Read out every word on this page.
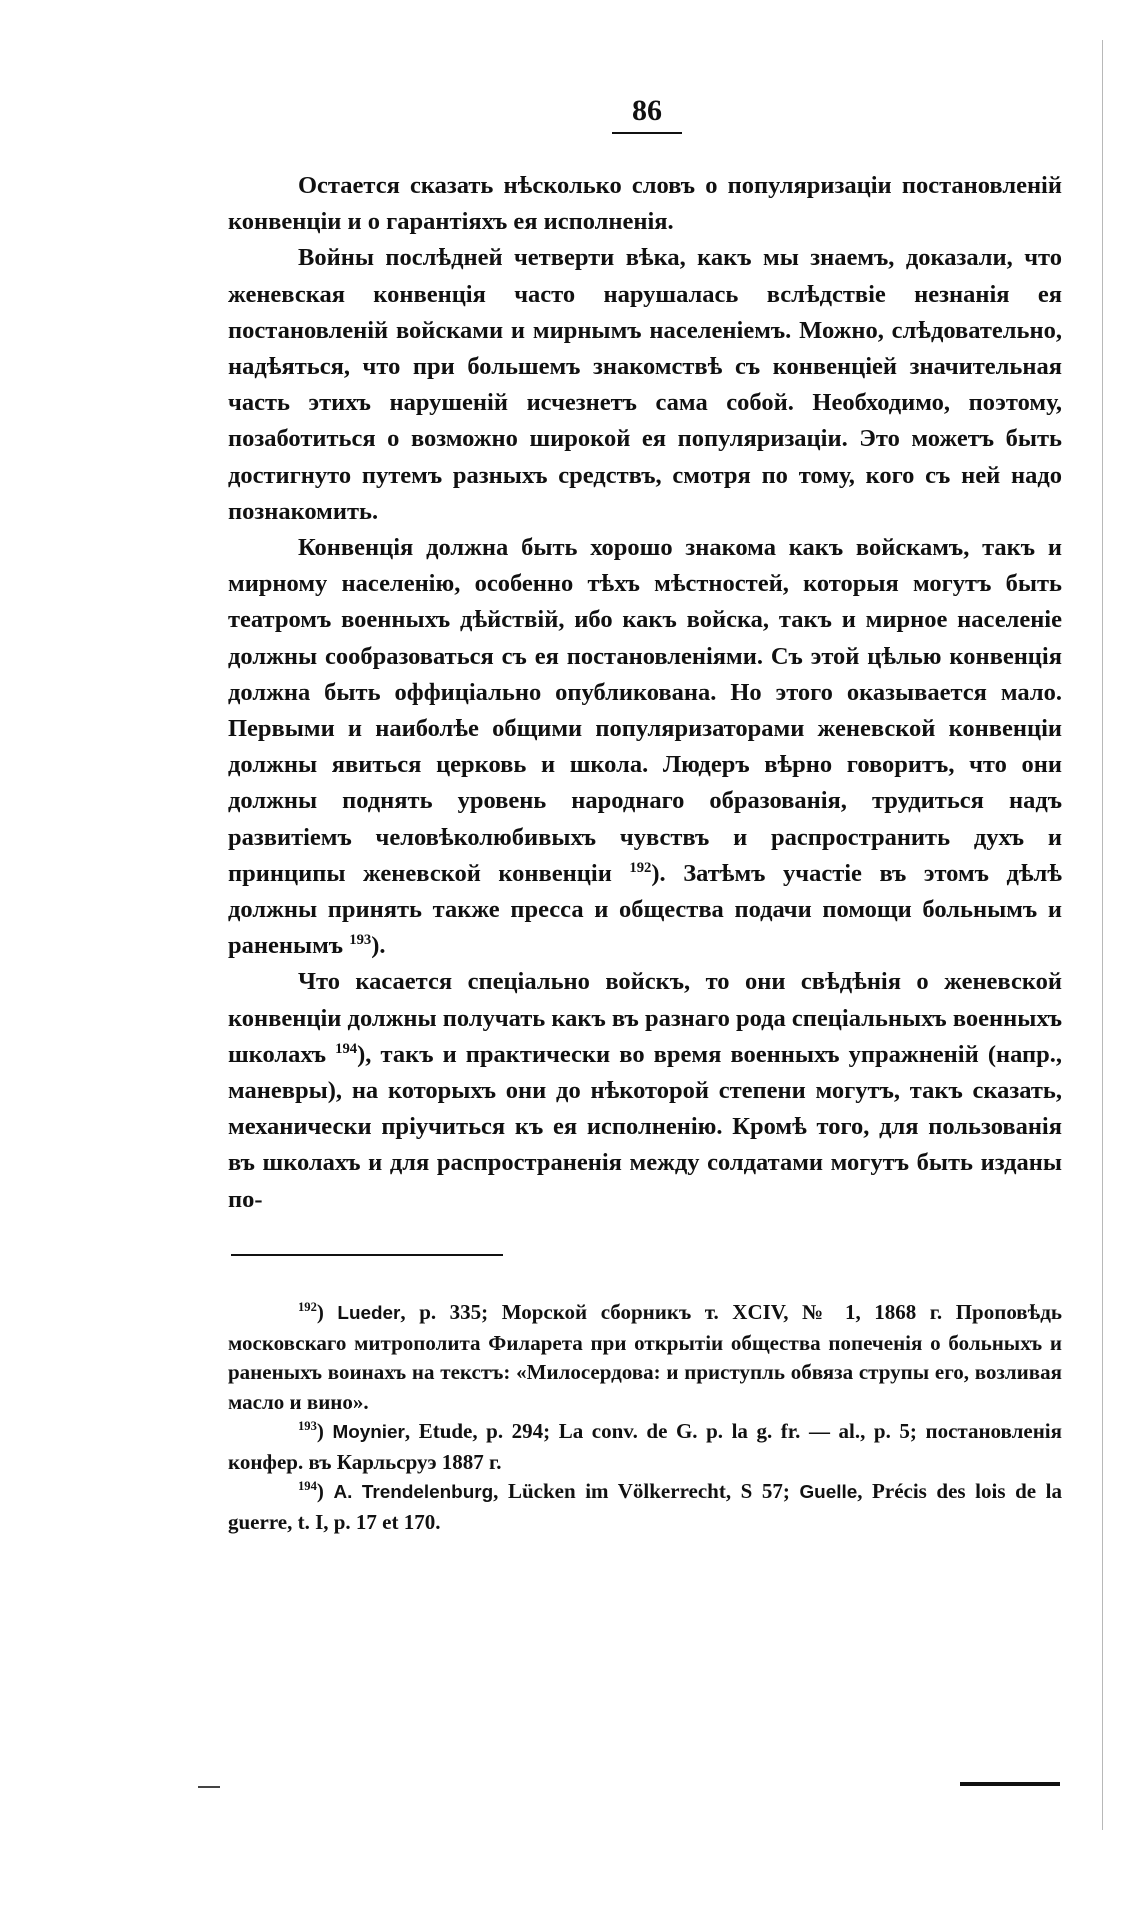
86

Остается сказать нѣсколько словъ о популяризаціи постановленій конвенціи и о гарантіяхъ ея исполненія.

Войны послѣдней четверти вѣка, какъ мы знаемъ, доказали, что женевская конвенція часто нарушалась вслѣдствіе незнанія ея постановленій войсками и мирнымъ населеніемъ. Можно, слѣдовательно, надѣяться, что при большемъ знакомствѣ съ конвенціей значительная часть этихъ нарушеній исчезнетъ сама собой. Необходимо, поэтому, позаботиться о возможно широкой ея популяризаціи. Это можетъ быть достигнуто путемъ разныхъ средствъ, смотря по тому, кого съ ней надо познакомить.

Конвенція должна быть хорошо знакома какъ войскамъ, такъ и мирному населенію, особенно тѣхъ мѣстностей, которыя могутъ быть театромъ военныхъ дѣйствій, ибо какъ войска, такъ и мирное населеніе должны сообразоваться съ ея постановленіями. Съ этой цѣлью конвенція должна быть оффиціально опубликована. Но этого оказывается мало. Первыми и наиболѣе общими популяризаторами женевской конвенціи должны явиться церковь и школа. Людеръ вѣрно говоритъ, что они должны поднять уровень народнаго образованія, трудиться надъ развитіемъ человѣколюбивыхъ чувствъ и распространить духъ и принципы женевской конвенціи $^{192}$). Затѣмъ участіе въ этомъ дѣлѣ должны принять также пресса и общества подачи помощи больнымъ и раненымъ $^{193}$).

Что касается спеціально войскъ, то они свѣдѣнія о женевской конвенціи должны получать какъ въ разнаго рода спеціальныхъ военныхъ школахъ $^{194}$), такъ и практически во время военныхъ упражненій (напр., маневры), на которыхъ они до нѣкоторой степени могутъ, такъ сказать, механически пріучиться къ ея исполненію. Кромѣ того, для пользованія въ школахъ и для распространенія между солдатами могутъ быть изданы по-

$^{192}$) Lueder, p. 335; Морской сборникъ т. XCIV, № 1, 1868 г. Проповѣдь московскаго митрополита Филарета при открытіи общества попеченія о больныхъ и раненыхъ воинахъ на текстъ: «Милосердова: и приступль обвяза струпы его, возливая масло и вино».

$^{193}$) Moynier, Etude, p. 294; La conv. de G. p. la g. fr. — al., p. 5; постановленія конфер. въ Карльсруэ 1887 г.

$^{194}$) A. Trendelenburg, Lücken im Völkerrecht, S 57; Guelle, Précis des lois de la guerre, t. I, p. 17 et 170.
